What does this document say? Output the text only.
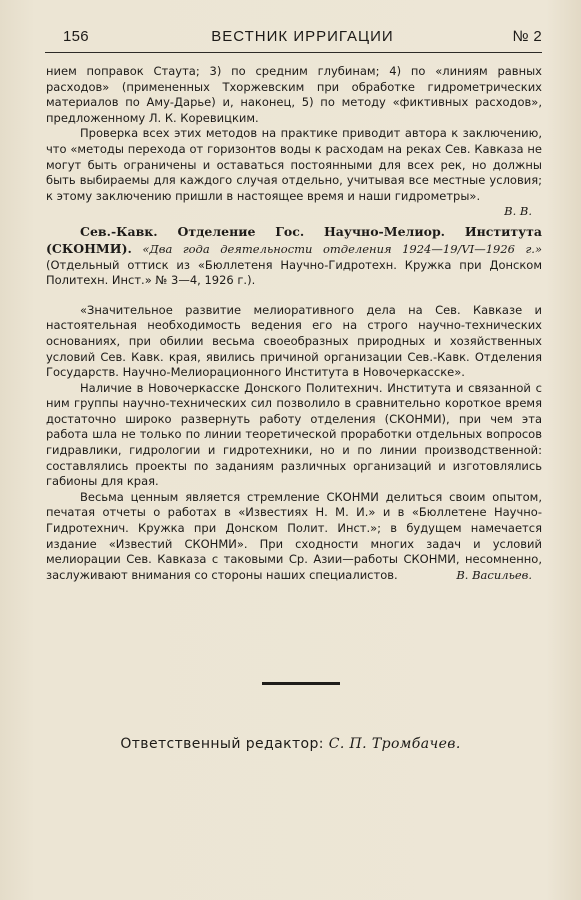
156	ВЕСТНИК ИРРИГАЦИИ	№ 2

нием поправок Стаута; 3) по средним глубинам; 4) по «линиям равных расходов» (примененных Тхоржевским при обработке гидрометрических материалов по Аму-Дарье) и, наконец, 5) по методу «фиктивных расходов», предложенному Л. К. Коревицким.

Проверка всех этих методов на практике приводит автора к заключению, что «методы перехода от горизонтов воды к расходам на реках Сев. Кавказа не могут быть ограничены и оставаться постоянными для всех рек, но должны быть выбираемы для каждого случая отдельно, учитывая все местные условия; к этому заключению пришли в настоящее время и наши гидрометры».
В. В.

Сев.-Кавк. Отделение Гос. Научно-Мелиор. Института (СКОНМИ). «Два года деятельности отделения 1924—19/VI—1926 г.» (Отдельный оттиск из «Бюллетеня Научно-Гидротехн. Кружка при Донском Политехн. Инст.» № 3—4, 1926 г.).

«Значительное развитие мелиоративного дела на Сев. Кавказе и настоятельная необходимость ведения его на строго научно-технических основаниях, при обилии весьма своеобразных природных и хозяйственных условий Сев. Кавк. края, явились причиной организации Сев.-Кавк. Отделения Государств. Научно-Мелиорационного Института в Новочеркасске».

Наличие в Новочеркасске Донского Политехнич. Института и связанной с ним группы научно-технических сил позволило в сравнительно короткое время достаточно широко развернуть работу отделения (СКОНМИ), при чем эта работа шла не только по линии теоретической проработки отдельных вопросов гидравлики, гидрологии и гидротехники, но и по линии производственной: составлялись проекты по заданиям различных организаций и изготовлялись габионы для края.

Весьма ценным является стремление СКОНМИ делиться своим опытом, печатая отчеты о работах в «Известиях Н. М. И.» и в «Бюллетене Научно-Гидротехнич. Кружка при Донском Полит. Инст.»; в будущем намечается издание «Известий СКОНМИ». При сходности многих задач и условий мелиорации Сев. Кавказа с таковыми Ср. Азии—работы СКОНМИ, несомненно, заслуживают внимания со стороны наших специалистов.	В. Васильев.

Ответственный редактор: С. П. Тромбачев.
